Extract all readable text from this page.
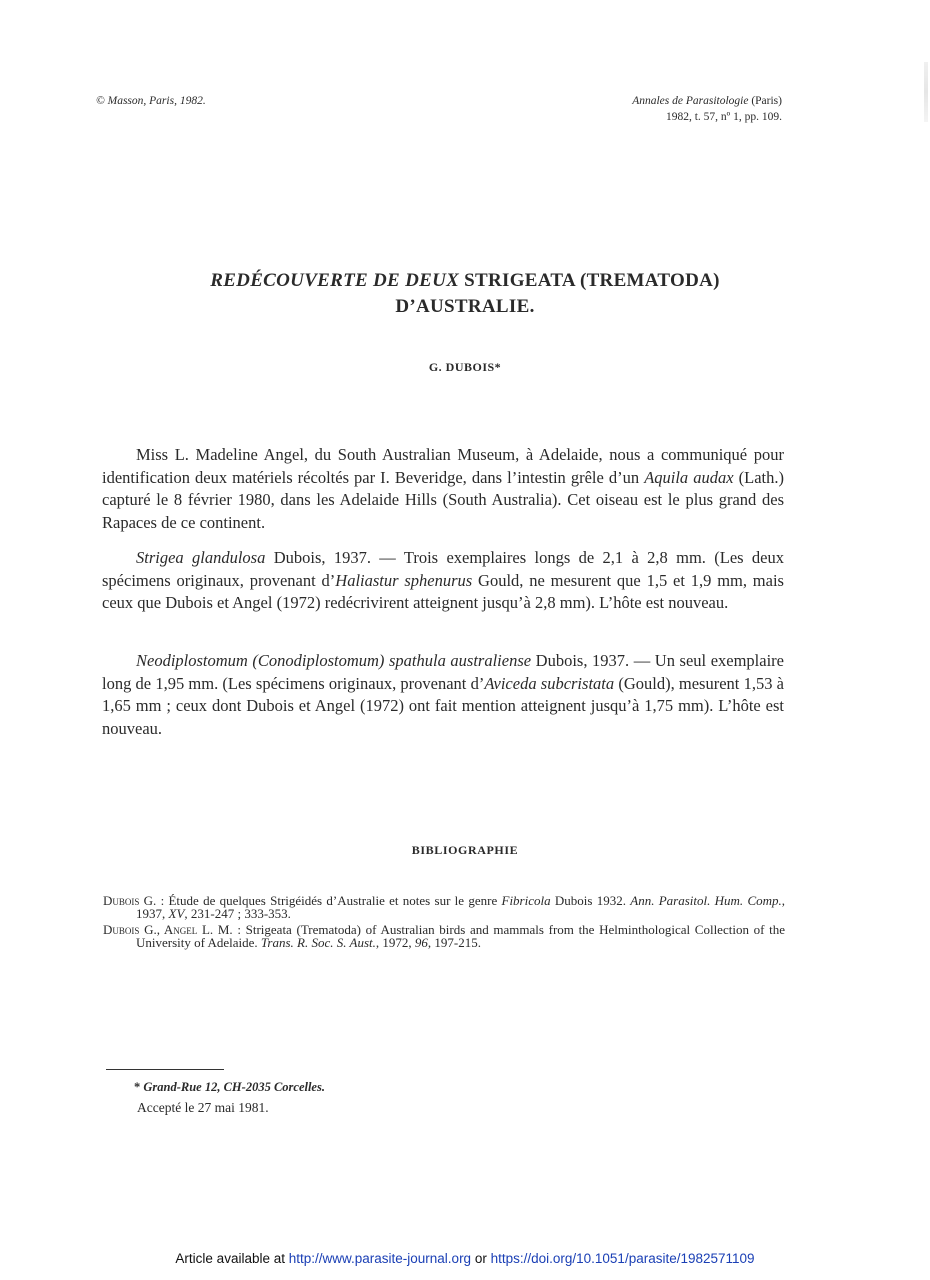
© Masson, Paris, 1982.	Annales de Parasitologie (Paris)
1982, t. 57, nº 1, pp. 109.
REDÉCOUVERTE DE DEUX STRIGEATA (TREMATODA)
D’AUSTRALIE.
G. DUBOIS*
Miss L. Madeline Angel, du South Australian Museum, à Adelaide, nous a communiqué pour identification deux matériels récoltés par I. Beveridge, dans l’intestin grêle d’un Aquila audax (Lath.) capturé le 8 février 1980, dans les Adelaide Hills (South Australia). Cet oiseau est le plus grand des Rapaces de ce continent.
Strigea glandulosa Dubois, 1937. — Trois exemplaires longs de 2,1 à 2,8 mm. (Les deux spécimens originaux, provenant d’Haliastur sphenurus Gould, ne mesurent que 1,5 et 1,9 mm, mais ceux que Dubois et Angel (1972) redécrivirent atteignent jusqu’à 2,8 mm). L’hôte est nouveau.
Neodiplostomum (Conodiplostomum) spathula australiense Dubois, 1937. — Un seul exemplaire long de 1,95 mm. (Les spécimens originaux, provenant d’Aviceda subcristata (Gould), mesurent 1,53 à 1,65 mm ; ceux dont Dubois et Angel (1972) ont fait mention atteignent jusqu’à 1,75 mm). L’hôte est nouveau.
BIBLIOGRAPHIE
Dubois G. : Étude de quelques Strigéidés d’Australie et notes sur le genre Fibricola Dubois 1932. Ann. Parasitol. Hum. Comp., 1937, XV, 231-247 ; 333-353.
Dubois G., Angel L. M. : Strigeata (Trematoda) of Australian birds and mammals from the Helminthological Collection of the University of Adelaide. Trans. R. Soc. S. Aust., 1972, 96, 197-215.
* Grand-Rue 12, CH-2035 Corcelles.
Accepté le 27 mai 1981.
Article available at http://www.parasite-journal.org or https://doi.org/10.1051/parasite/1982571109
